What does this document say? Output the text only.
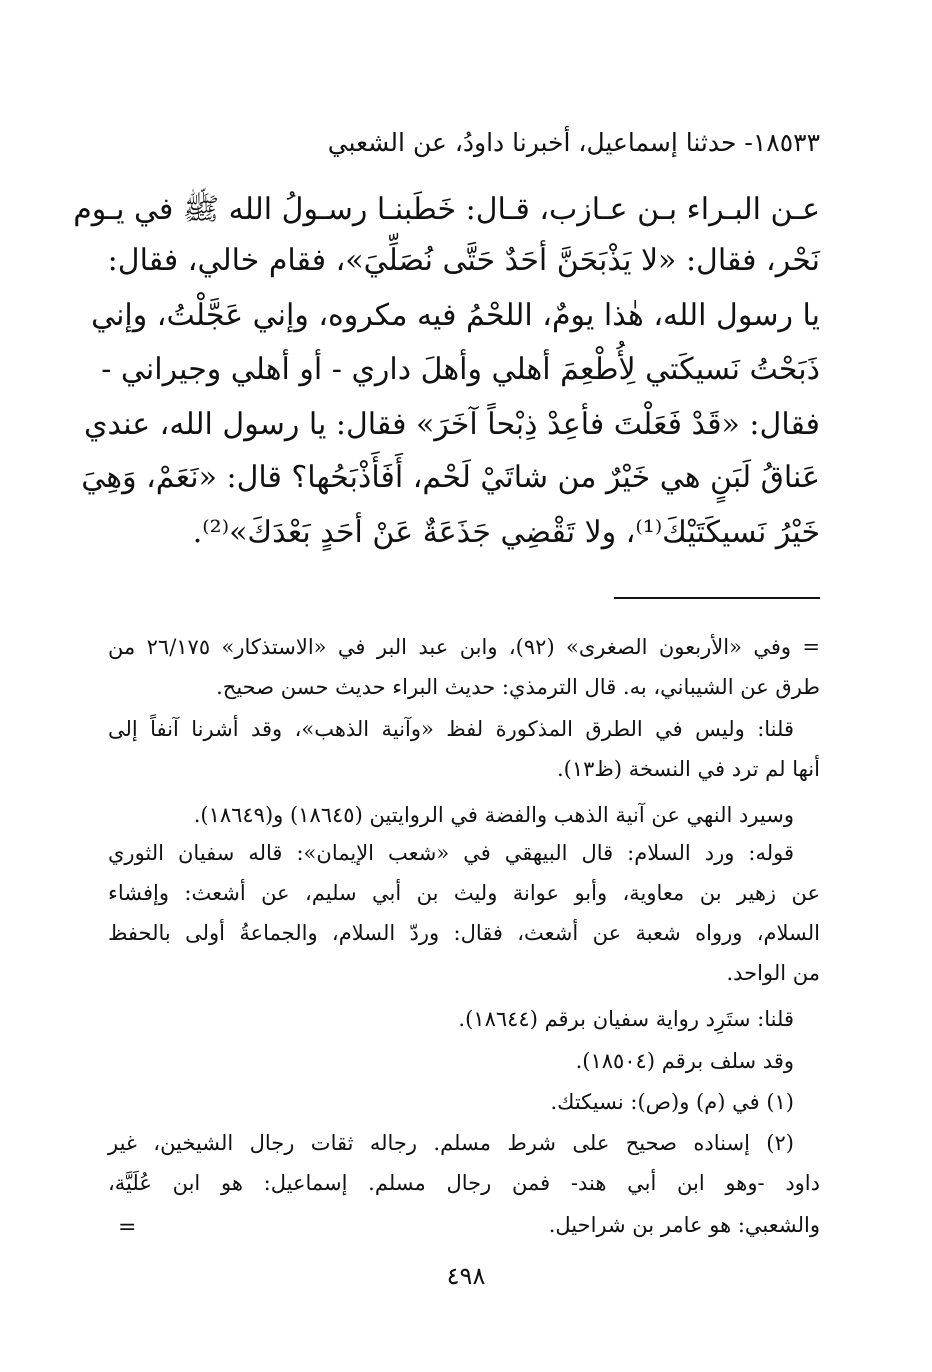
١٨٥٣٣- حدثنا إسماعيل، أخبرنا داودُ، عن الشعبي
عـن البـراء بـن عـازب، قـال: خَطَبنـا رسـولُ الله ﷺ في يـوم
نَحْر، فقال: «لا يَذْبَحَنَّ أحَدٌ حَتَّى نُصَلِّيَ»، فقام خالي، فقال:
يا رسول الله، هٰذا يومٌ، اللحْمُ فيه مكروه، وإني عَجَّلْتُ، وإني
ذَبَحْتُ نَسيكَتي لِأُطْعِمَ أهلي وأهلَ داري - أو أهلي وجيراني -
فقال: «قَدْ فَعَلْتَ فأعِدْ ذِبْحاً آخَرَ» فقال: يا رسول الله، عندي
عَناقُ لَبَنٍ هي خَيْرٌ من شاتَيْ لَحْم، أَفَأَذْبَحُها؟ قال: «نَعَمْ، وَهِيَ
خَيْرُ نَسيكَتَيْكَ⁽¹⁾، ولا تَقْضِي جَذَعَةٌ عَنْ أحَدٍ بَعْدَكَ»⁽²⁾.
= وفي «الأربعون الصغرى» (٩٢)، وابن عبد البر في «الاستذكار» ٢٦/١٧٥ من
طرق عن الشيباني، به. قال الترمذي: حديث البراء حديث حسن صحيح.
قلنا: وليس في الطرق المذكورة لفظ «وآنية الذهب»، وقد أشرنا آنفاً إلى
أنها لم ترد في النسخة (ظ١٣).
وسيرد النهي عن آنية الذهب والفضة في الروايتين (١٨٦٤٥) و(١٨٦٤٩).
قوله: ورد السلام: قال البيهقي في «شعب الإيمان»: قاله سفيان الثوري
عن زهير بن معاوية، وأبو عوانة وليث بن أبي سليم، عن أشعث: وإفشاء
السلام، ورواه شعبة عن أشعث، فقال: وردّ السلام، والجماعةُ أولى بالحفظ
من الواحد.
قلنا: ستَرِد رواية سفيان برقم (١٨٦٤٤).
وقد سلف برقم (١٨٥٠٤).
(١) في (م) و(ص): نسيكتك.
(٢) إسناده صحيح على شرط مسلم. رجاله ثقات رجال الشيخين، غير
داود -وهو ابن أبي هند- فمن رجال مسلم. إسماعيل: هو ابن عُلَيَّة،
والشعبي: هو عامر بن شراحيل.
=
٤٩٨
